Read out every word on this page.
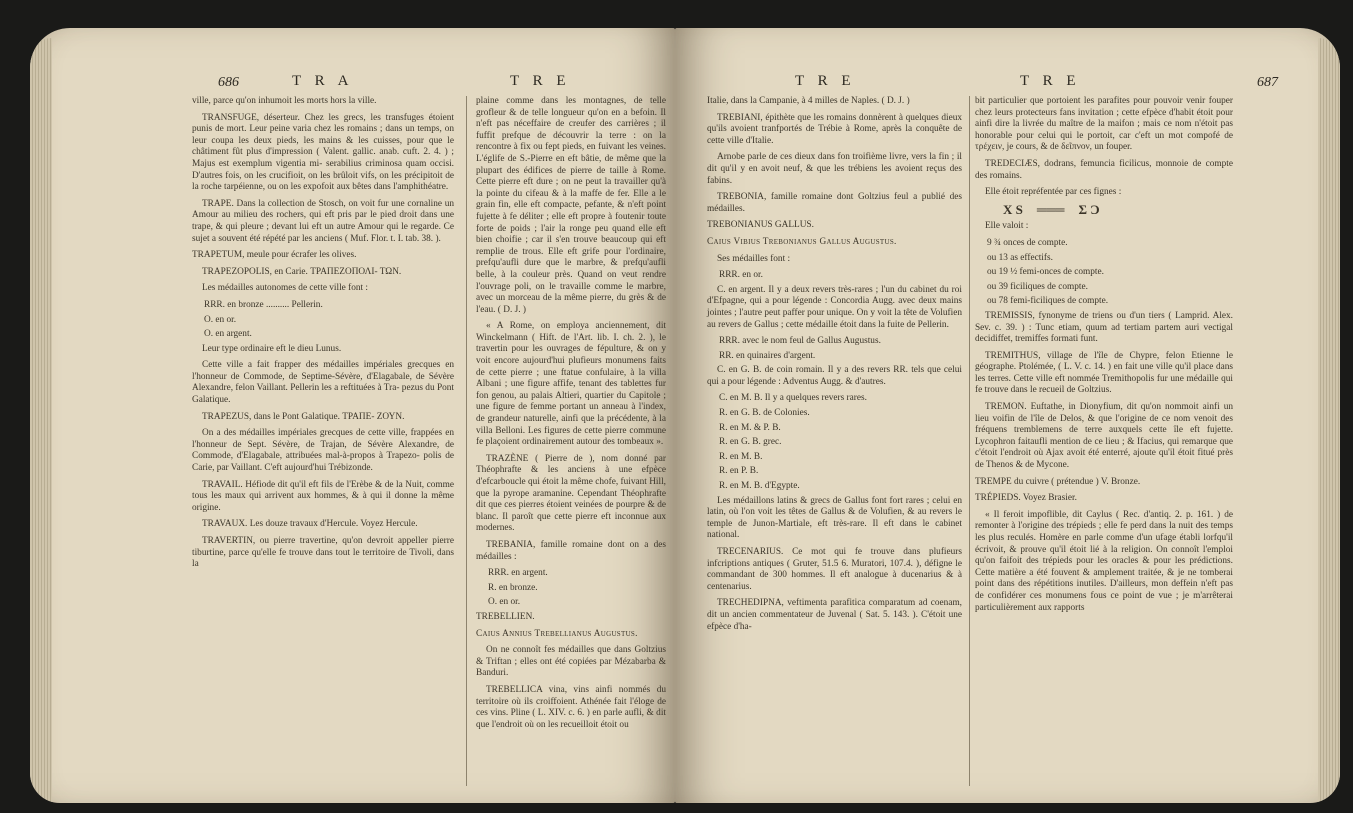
686	T R A	T R E

ville, parce qu'on inhumoit les morts hors la ville.

TRANSFUGE, déserteur. Chez les grecs, les transfuges étoient punis de mort. Leur peine varia chez les romains ; dans un temps, on leur coupa les deux pieds, les mains & les cuisses, pour que le châtiment fût plus d'impression ( Valent. gallic. anab. cuft. 2. 4. ) ; Majus est exemplum vigentia mi- serabilius criminosa quam occisi. D'autres fois, on les crucifioit, on les brûloit vifs, on les précipitoit de la roche tarpéienne, ou on les expofoit aux bêtes dans l'amphithéatre.

TRAPE. Dans la collection de Stosch, on voit fur une cornaline un Amour au milieu des rochers, qui eft pris par le pied droit dans une trape, & qui pleure ; devant lui eft un autre Amour qui le regarde. Ce sujet a souvent été répété par les anciens ( Muf. Flor. t. I. tab. 38. ).

TRAPETUM, meule pour écrafer les olives.

TRAPEZOPOLIS, en Carie. ΤΡΑΠΕΖΟΠΟΛΙ- ΤΩΝ.

Les médailles autonomes de cette ville font :

RRR. en bronze .......... Pellerin.

O. en or.

O. en argent.

Leur type ordinaire eft le dieu Lunus.

Cette ville a fait frapper des médailles impériales grecques en l'honneur de Commode, de Septime-Sévère, d'Elagabale, de Sévère Alexandre, felon Vaillant. Pellerin les a reftituées à Tra- pezus du Pont Galatique.

TRAPEZUS, dans le Pont Galatique. ΤΡΑΠΕ- ΖΟΥΝ.

On a des médailles impériales grecques de cette ville, frappées en l'honneur de Sept. Sévère, de Trajan, de Sévère Alexandre, de Commode, d'Elagabale, attribuées mal-à-propos à Trapezo- polis de Carie, par Vaillant. C'eft aujourd'hui Trébizonde.

TRAVAIL. Héfiode dit qu'il eft fils de l'Erèbe & de la Nuit, comme tous les maux qui arrivent aux hommes, & à qui il donne la même origine.

TRAVAUX. Les douze travaux d'Hercule. Voyez Hercule.

TRAVERTIN, ou pierre travertine, qu'on devroit appeller pierre tiburtine, parce qu'elle fe trouve dans tout le territoire de Tivoli, dans la

plaine comme dans les montagnes, de telle grofleur & de telle longueur qu'on en a befoin. Il n'eft pas néceffaire de creufer des carrières ; il fuffit prefque de découvrir la terre : on la rencontre à fix ou fept pieds, en fuivant les veines. L'églife de S.-Pierre en eft bâtie, de même que la plupart des édifices de pierre de taille à Rome. Cette pierre eft dure ; on ne peut la travailler qu'à la pointe du cifeau & à la maffe de fer. Elle a le grain fin, elle eft compacte, pefante, & n'eft point fujette à fe déliter ; elle eft propre à foutenir toute forte de poids ; l'air la ronge peu quand elle eft bien choifie ; car il s'en trouve beaucoup qui eft remplie de trous. Elle eft grife pour l'ordinaire, prefqu'aufli dure que le marbre, & prefqu'aufli belle, à la couleur près. Quand on veut rendre l'ouvrage poli, on le travaille comme le marbre, avec un morceau de la même pierre, du grès & de l'eau. ( D. J. )

« A Rome, on employa anciennement, dit Winckelmann ( Hift. de l'Art. lib. I. ch. 2. ), le travertin pour les ouvrages de fépulture, & on y voit encore aujourd'hui plufieurs monumens faits de cette pierre ; une ftatue confulaire, à la villa Albani ; une figure affife, tenant des tablettes fur fon genou, au palais Altieri, quartier du Capitole ; une figure de femme portant un anneau à l'index, de grandeur naturelle, ainfi que la précédente, à la villa Belloni. Les figures de cette pierre commune fe plaçoient ordinairement autour des tombeaux ».

TRAZÈNE ( Pierre de ), nom donné par Théophrafte & les anciens à une efpèce d'efcarboucle qui étoit la même chofe, fuivant Hill, que la pyrope aramanine. Cependant Théophrafte dit que ces pierres étoient veinées de pourpre & de blanc. Il paroît que cette pierre eft inconnue aux modernes.

TREBANIA, famille romaine dont on a des médailles :

RRR. en argent.

R. en bronze.

O. en or.

TREBELLIEN.

Caius Annius Trebellianus Augustus.

On ne connoît fes médailles que dans Goltzius & Triftan ; elles ont été copiées par Mézabarba & Banduri.

TREBELLICA vina, vins ainfi nommés du territoire où ils croiffoient. Athénée fait l'éloge de ces vins. Pline ( L. XIV. c. 6. ) en parle aufli, & dit que l'endroit où on les recueilloit étoit ou

T R E	T R E	687

Italie, dans la Campanie, à 4 milles de Naples. ( D. J. )

TREBIANI, épithète que les romains donnèrent à quelques dieux qu'ils avoient tranfportés de Trébie à Rome, après la conquête de cette ville d'Italie.

Arnobe parle de ces dieux dans fon troifième livre, vers la fin ; il dit qu'il y en avoit neuf, & que les trébiens les avoient reçus des fabins.

TREBONIA, famille romaine dont Goltzius feul a publié des médailles.

TREBONIANUS GALLUS.

Caius Vibius Trebonianus Gallus Augustus.

Ses médailles font :

RRR. en or.

C. en argent. Il y a deux revers très-rares ; l'un du cabinet du roi d'Efpagne, qui a pour légende : Concordia Augg. avec deux mains jointes ; l'autre peut paffer pour unique. On y voit la tête de Volufien au revers de Gallus ; cette médaille étoit dans la fuite de Pellerin.

RRR. avec le nom feul de Gallus Augustus.

RR. en quinaires d'argent.

C. en G. B. de coin romain. Il y a des revers RR. tels que celui qui a pour légende : Adventus Augg. & d'autres.

C. en M. B. Il y a quelques revers rares.

R. en G. B. de Colonies.

R. en M. & P. B.

R. en G. B. grec.

R. en M. B.

R. en P. B.

R. en M. B. d'Egypte.

Les médaillons latins & grecs de Gallus font fort rares ; celui en latin, où l'on voit les têtes de Gallus & de Volufien, & au revers le temple de Junon-Martiale, eft très-rare. Il eft dans le cabinet national.

TRECENARIUS. Ce mot qui fe trouve dans plufieurs infcriptions antiques ( Gruter, 51.5 6. Muratori, 107.4. ), défigne le commandant de 300 hommes. Il eft analogue à ducenarius & à centenarius.

TRECHEDIPNA, veftimenta parafitica comparatum ad coenam, dit un ancien commentateur de Juvenal ( Sat. 5. 143. ). C'étoit une efpèce d'ha-

bit particulier que portoient les parafites pour pouvoir venir fouper chez leurs protecteurs fans invitation ; cette efpèce d'habit étoit pour ainfi dire la livrée du maître de la maifon ; mais ce nom n'étoit pas honorable pour celui qui le portoit, car c'eft un mot compofé de τρέχειν, je cours, & de δεῖπνον, un fouper.

TREDECIÆS, dodrans, femuncia ficilicus, monnoie de compte des romains.

Elle étoit repréfentée par ces fignes :

X S ═══ Σ Ɔ

Elle valoit :

9 ¾ onces de compte.

ou 13 as effectifs.

ou 19 ½ femi-onces de compte.

ou 39 ficiliques de compte.

ou 78 femi-ficiliques de compte.

TREMISSIS, fynonyme de triens ou d'un tiers ( Lamprid. Alex. Sev. c. 39. ) : Tunc etiam, quum ad tertiam partem auri vectigal decidiffet, tremiffes formati funt.

TREMITHUS, village de l'île de Chypre, felon Etienne le géographe. Ptolémée, ( L. V. c. 14. ) en fait une ville qu'il place dans les terres. Cette ville eft nommée Tremithopolis fur une médaille qui fe trouve dans le recueil de Goltzius.

TREMON. Euftathe, in Dionyfium, dit qu'on nommoit ainfi un lieu voifin de l'île de Delos, & que l'origine de ce nom venoit des fréquens tremblemens de terre auxquels cette île eft fujette. Lycophron faitaufli mention de ce lieu ; & Ifacius, qui remarque que c'étoit l'endroit où Ajax avoit été enterré, ajoute qu'il étoit fitué près de Thenos & de Mycone.

TREMPE du cuivre ( prétendue ) V. Bronze.

TRÉPIEDS. Voyez Brasier.

« Il feroit impoflible, dit Caylus ( Rec. d'antiq. 2. p. 161. ) de remonter à l'origine des trépieds ; elle fe perd dans la nuit des temps les plus reculés. Homère en parle comme d'un ufage établi lorfqu'il écrivoit, & prouve qu'il étoit lié à la religion. On connoît l'emploi qu'on faifoit des trépieds pour les oracles & pour les prédictions. Cette matière a été fouvent & amplement traitée, & je ne tomberai point dans des répétitions inutiles. D'ailleurs, mon deffein n'eft pas de confidérer ces monumens fous ce point de vue ; je m'arrêterai particulièrement aux rapports
